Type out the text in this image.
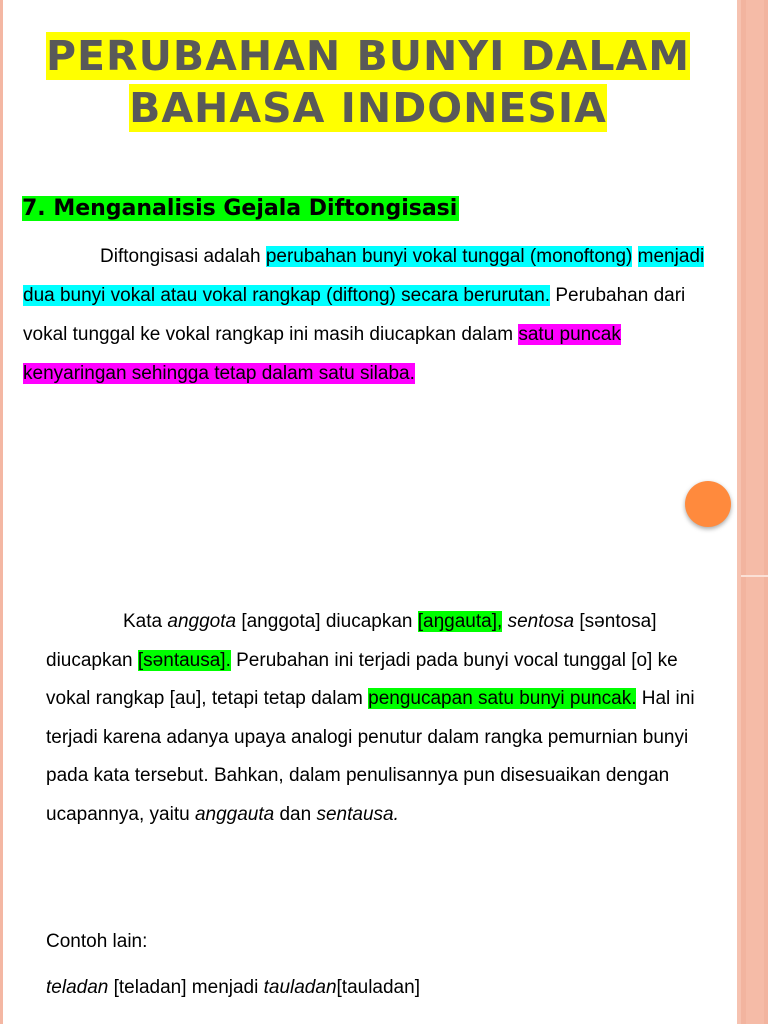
PERUBAHAN BUNYI DALAM
BAHASA INDONESIA
7. Menganalisis Gejala Diftongisasi
Diftongisasi adalah perubahan bunyi vokal tunggal (monoftong) menjadi dua bunyi vokal atau vokal rangkap (diftong) secara berurutan. Perubahan dari vokal tunggal ke vokal rangkap ini masih diucapkan dalam satu puncak kenyaringan sehingga tetap dalam satu silaba.
Kata anggota [anggota] diucapkan [aŋgauta], sentosa [səntosa] diucapkan [səntausa]. Perubahan ini terjadi pada bunyi vocal tunggal [o] ke vokal rangkap [au], tetapi tetap dalam pengucapan satu bunyi puncak. Hal ini terjadi karena adanya upaya analogi penutur dalam rangka pemurnian bunyi pada kata tersebut. Bahkan, dalam penulisannya pun disesuaikan dengan ucapannya, yaitu anggauta dan sentausa.
Contoh lain:
teladan [teladan] menjadi tauladan[tauladan]
